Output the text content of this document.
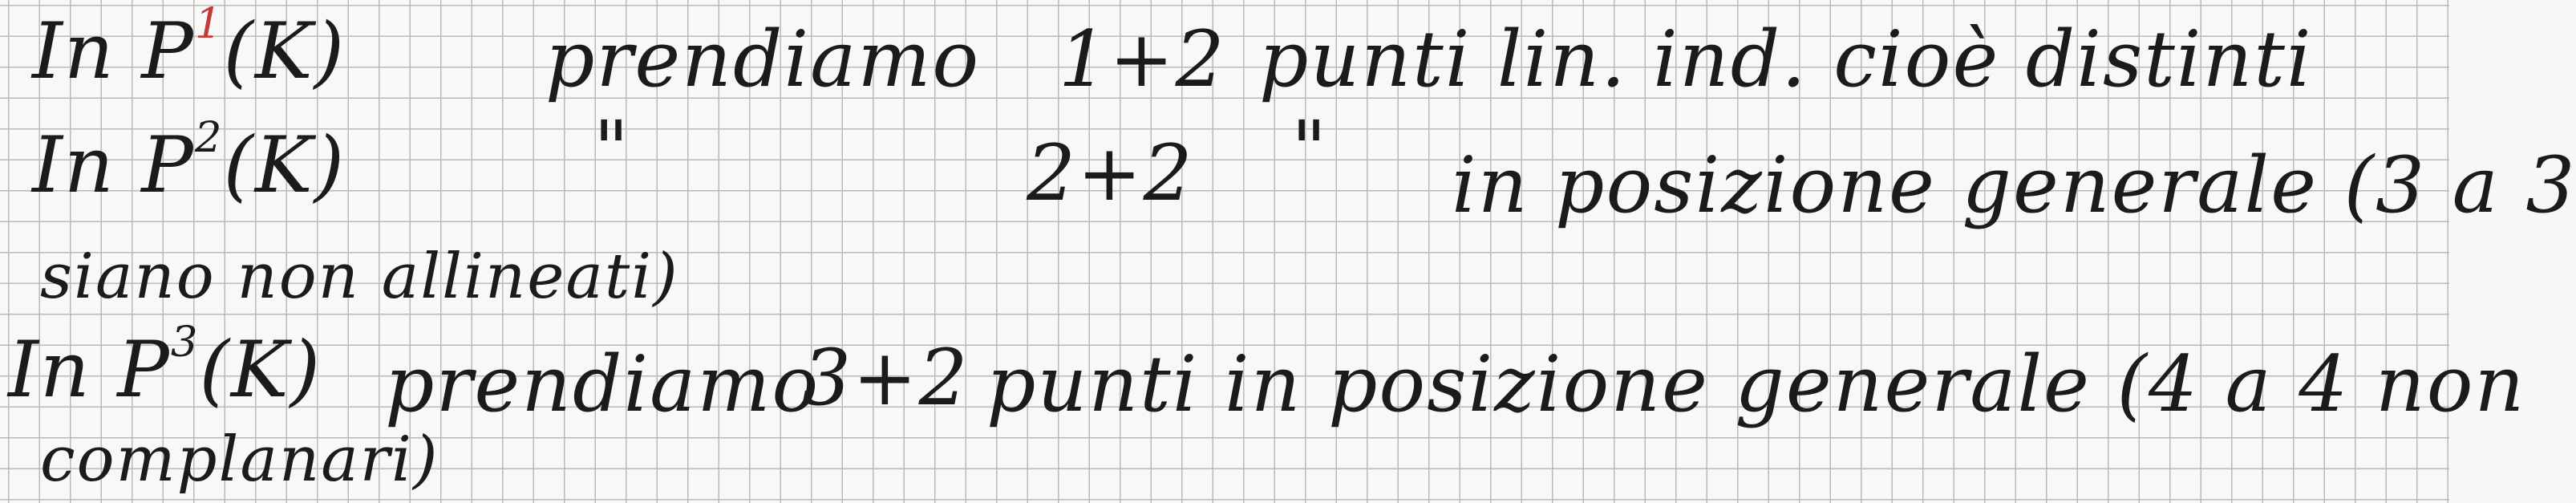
In $P^1(K)$	prendiamo 1+2 punti lin. ind. cioè distinti
In $P^2(K)$	"	2+2 " in posizione generale (3 a 3
siano non allineati)
In $P^3(K)$ prendiamo
3+2 punti in posizione generale (4 a 4 non
complanari)
